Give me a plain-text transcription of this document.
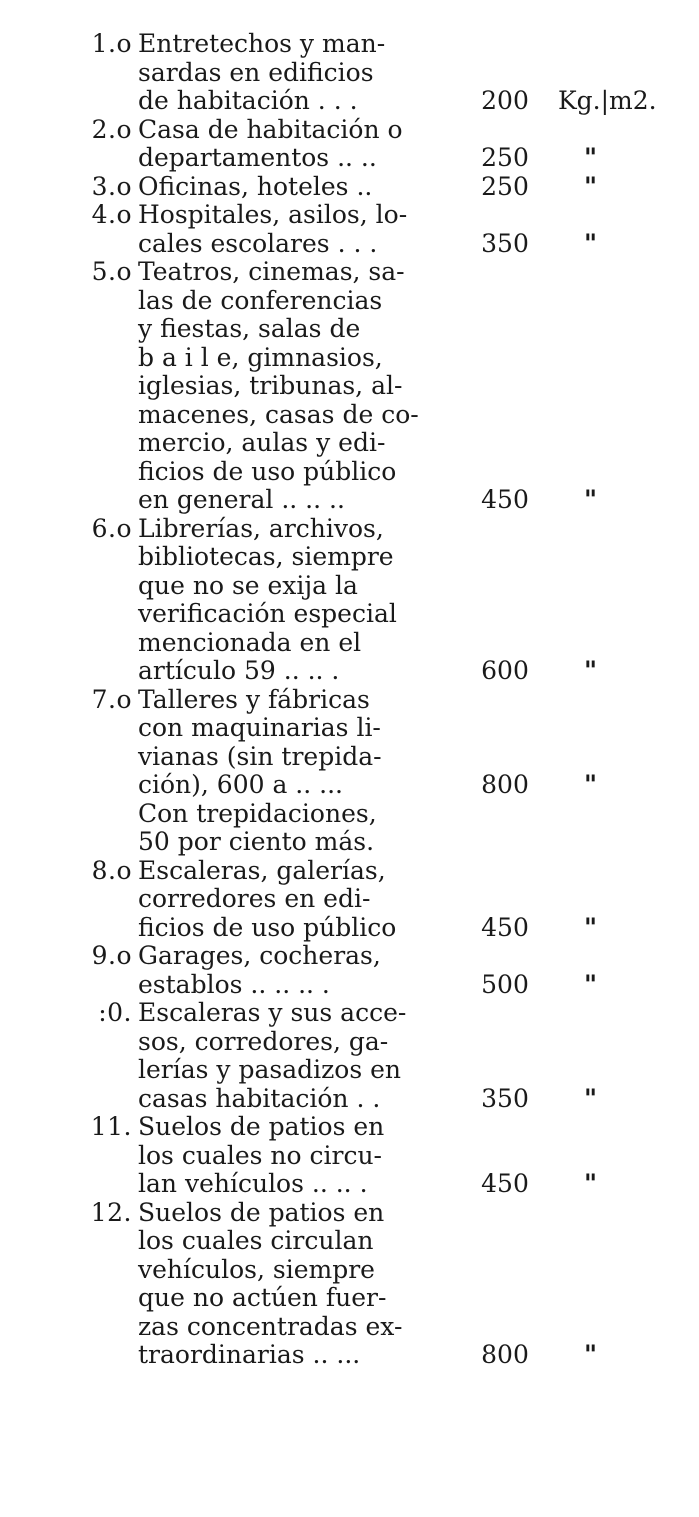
1.o Entretechos y man-
sardas en edificios
de habitación . . .	200 Kg.|m2.
2.o Casa de habitación o
departamentos .. ..	250 "
3.o Oficinas, hoteles ..	250 "
4.o Hospitales, asilos, lo-
cales escolares . . .	350 "
5.o Teatros, cinemas, sa-
las de conferencias
y fiestas, salas de
b a i l e, gimnasios,
iglesias, tribunas, al-
macenes, casas de co-
mercio, aulas y edi-
ficios de uso público
en general .. .. ..	450 "
6.o Librerías, archivos,
bibliotecas, siempre
que no se exija la
verificación especial
mencionada en el
artículo 59 .. .. .	600 "
7.o Talleres y fábricas
con maquinarias li-
vianas (sin trepida-
ción), 600 a .. ...	800 "
Con trepidaciones,
50 por ciento más.
8.o Escaleras, galerías,
corredores en edi-
ficios de uso público	450 "
9.o Garages, cocheras,
establos .. .. .. .	500 "
:0. Escaleras y sus acce-
sos, corredores, ga-
lerías y pasadizos en
casas habitación . .	350 "
11. Suelos de patios en
los cuales no circu-
lan vehículos .. .. .	450 "
12. Suelos de patios en
los cuales circulan
vehículos, siempre
que no actúen fuer-
zas concentradas ex-
traordinarias .. ...	800 "
